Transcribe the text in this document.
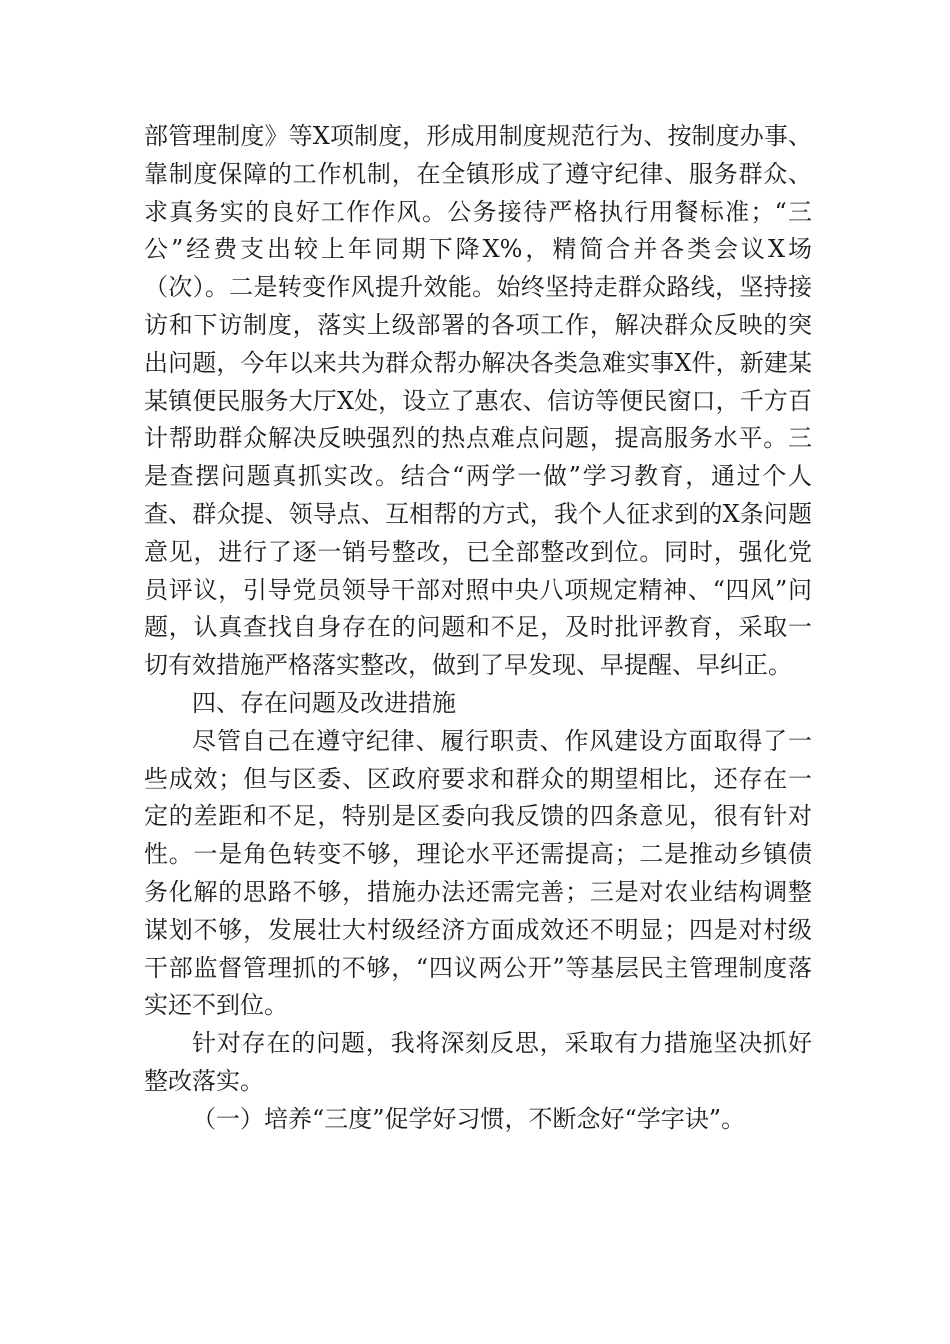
部管理制度》等X项制度，形成用制度规范行为、按制度办事、靠制度保障的工作机制，在全镇形成了遵守纪律、服务群众、求真务实的良好工作作风。公务接待严格执行用餐标准；“三公”经费支出较上年同期下降X%，精简合并各类会议X场（次）。二是转变作风提升效能。始终坚持走群众路线，坚持接访和下访制度，落实上级部署的各项工作，解决群众反映的突出问题，今年以来共为群众帮办解决各类急难实事X件，新建某某镇便民服务大厅X处，设立了惠农、信访等便民窗口，千方百计帮助群众解决反映强烈的热点难点问题，提高服务水平。三是查摆问题真抓实改。结合“两学一做”学习教育，通过个人查、群众提、领导点、互相帮的方式，我个人征求到的X条问题意见，进行了逐一销号整改，已全部整改到位。同时，强化党员评议，引导党员领导干部对照中央八项规定精神、“四风”问题，认真查找自身存在的问题和不足，及时批评教育，采取一切有效措施严格落实整改，做到了早发现、早提醒、早纠正。

四、存在问题及改进措施

尽管自己在遵守纪律、履行职责、作风建设方面取得了一些成效；但与区委、区政府要求和群众的期望相比，还存在一定的差距和不足，特别是区委向我反馈的四条意见，很有针对性。一是角色转变不够，理论水平还需提高；二是推动乡镇债务化解的思路不够，措施办法还需完善；三是对农业结构调整谋划不够，发展壮大村级经济方面成效还不明显；四是对村级干部监督管理抓的不够，“四议两公开”等基层民主管理制度落实还不到位。

针对存在的问题，我将深刻反思，采取有力措施坚决抓好整改落实。

（一）培养“三度”促学好习惯，不断念好“学字诀”。
